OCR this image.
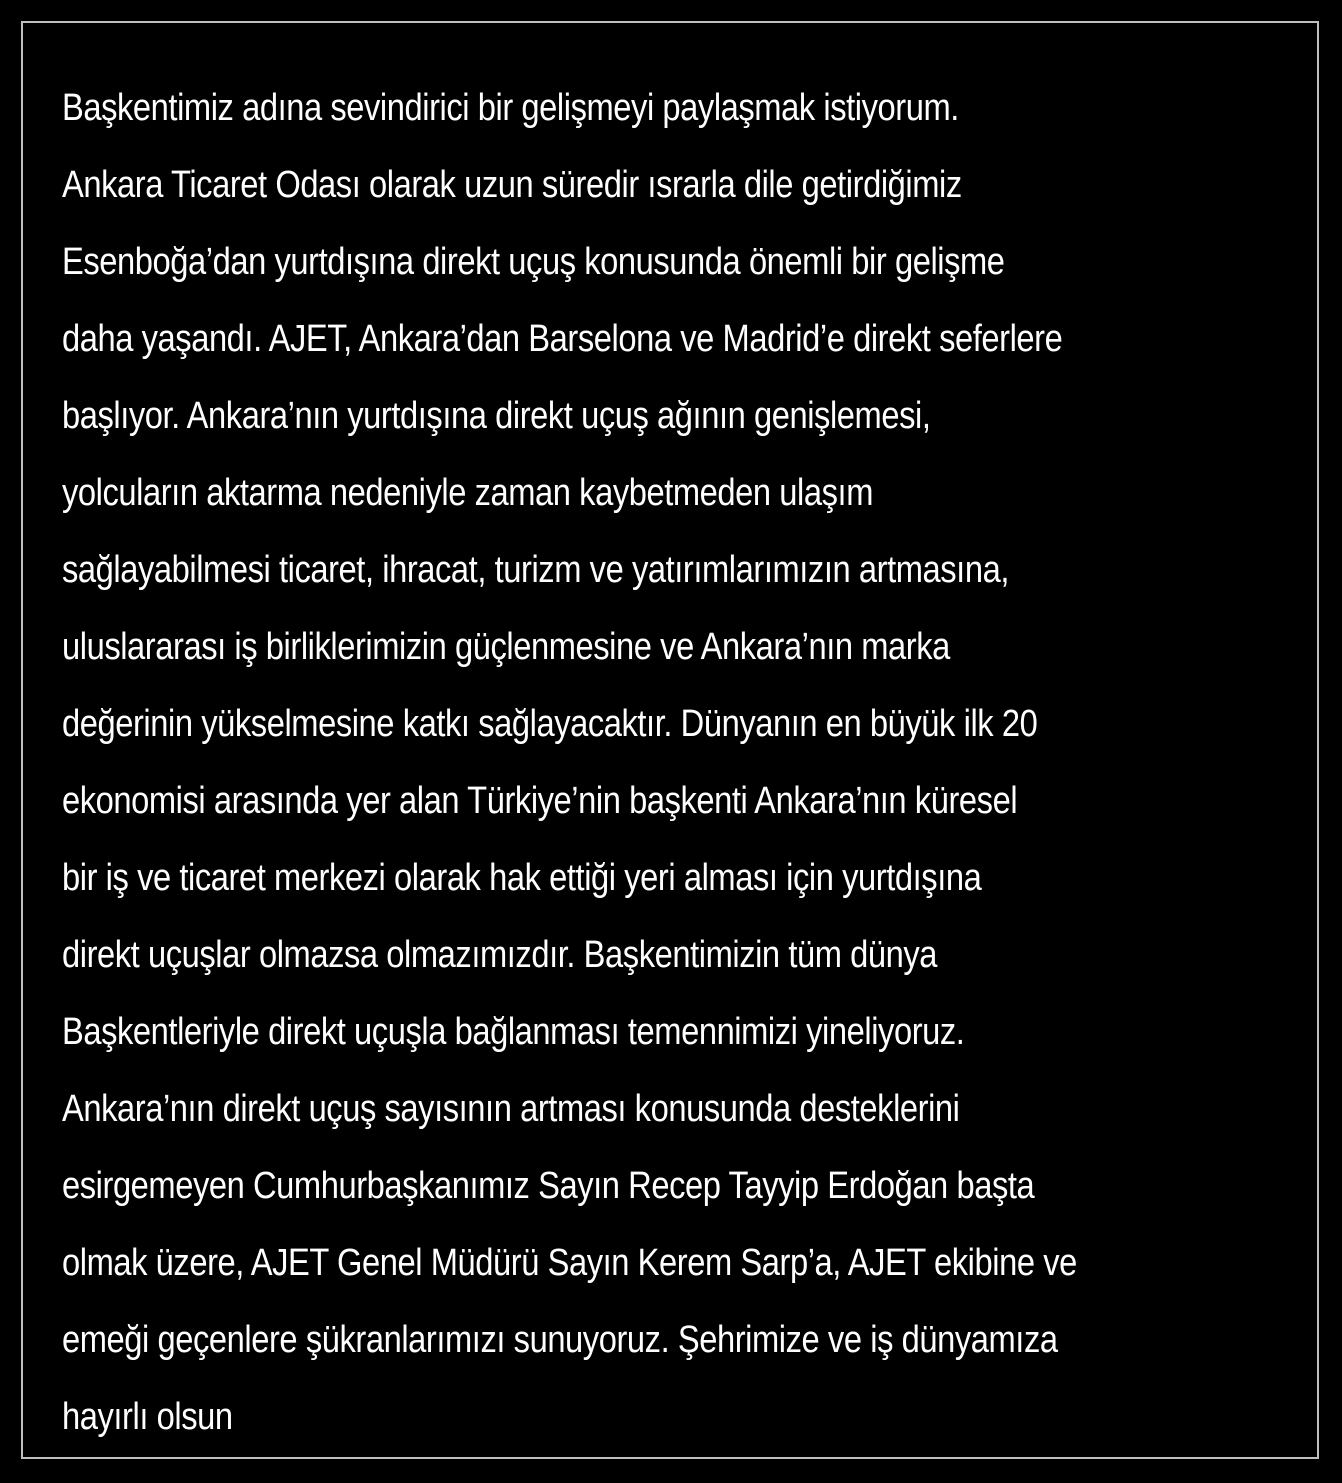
Başkentimiz adına sevindirici bir gelişmeyi paylaşmak istiyorum.
Ankara Ticaret Odası olarak uzun süredir ısrarla dile getirdiğimiz
Esenboğa’dan yurtdışına direkt uçuş konusunda önemli bir gelişme
daha yaşandı. AJET, Ankara’dan Barselona ve Madrid’e direkt seferlere
başlıyor. Ankara’nın yurtdışına direkt uçuş ağının genişlemesi,
yolcuların aktarma nedeniyle zaman kaybetmeden ulaşım
sağlayabilmesi ticaret, ihracat, turizm ve yatırımlarımızın artmasına,
uluslararası iş birliklerimizin güçlenmesine ve Ankara’nın marka
değerinin yükselmesine katkı sağlayacaktır. Dünyanın en büyük ilk 20
ekonomisi arasında yer alan Türkiye’nin başkenti Ankara’nın küresel
bir iş ve ticaret merkezi olarak hak ettiği yeri alması için yurtdışına
direkt uçuşlar olmazsa olmazımızdır. Başkentimizin tüm dünya
Başkentleriyle direkt uçuşla bağlanması temennimizi yineliyoruz.
Ankara’nın direkt uçuş sayısının artması konusunda desteklerini
esirgemeyen Cumhurbaşkanımız Sayın Recep Tayyip Erdoğan başta
olmak üzere, AJET Genel Müdürü Sayın Kerem Sarp’a, AJET ekibine ve
emeği geçenlere şükranlarımızı sunuyoruz. Şehrimize ve iş dünyamıza
hayırlı olsun
